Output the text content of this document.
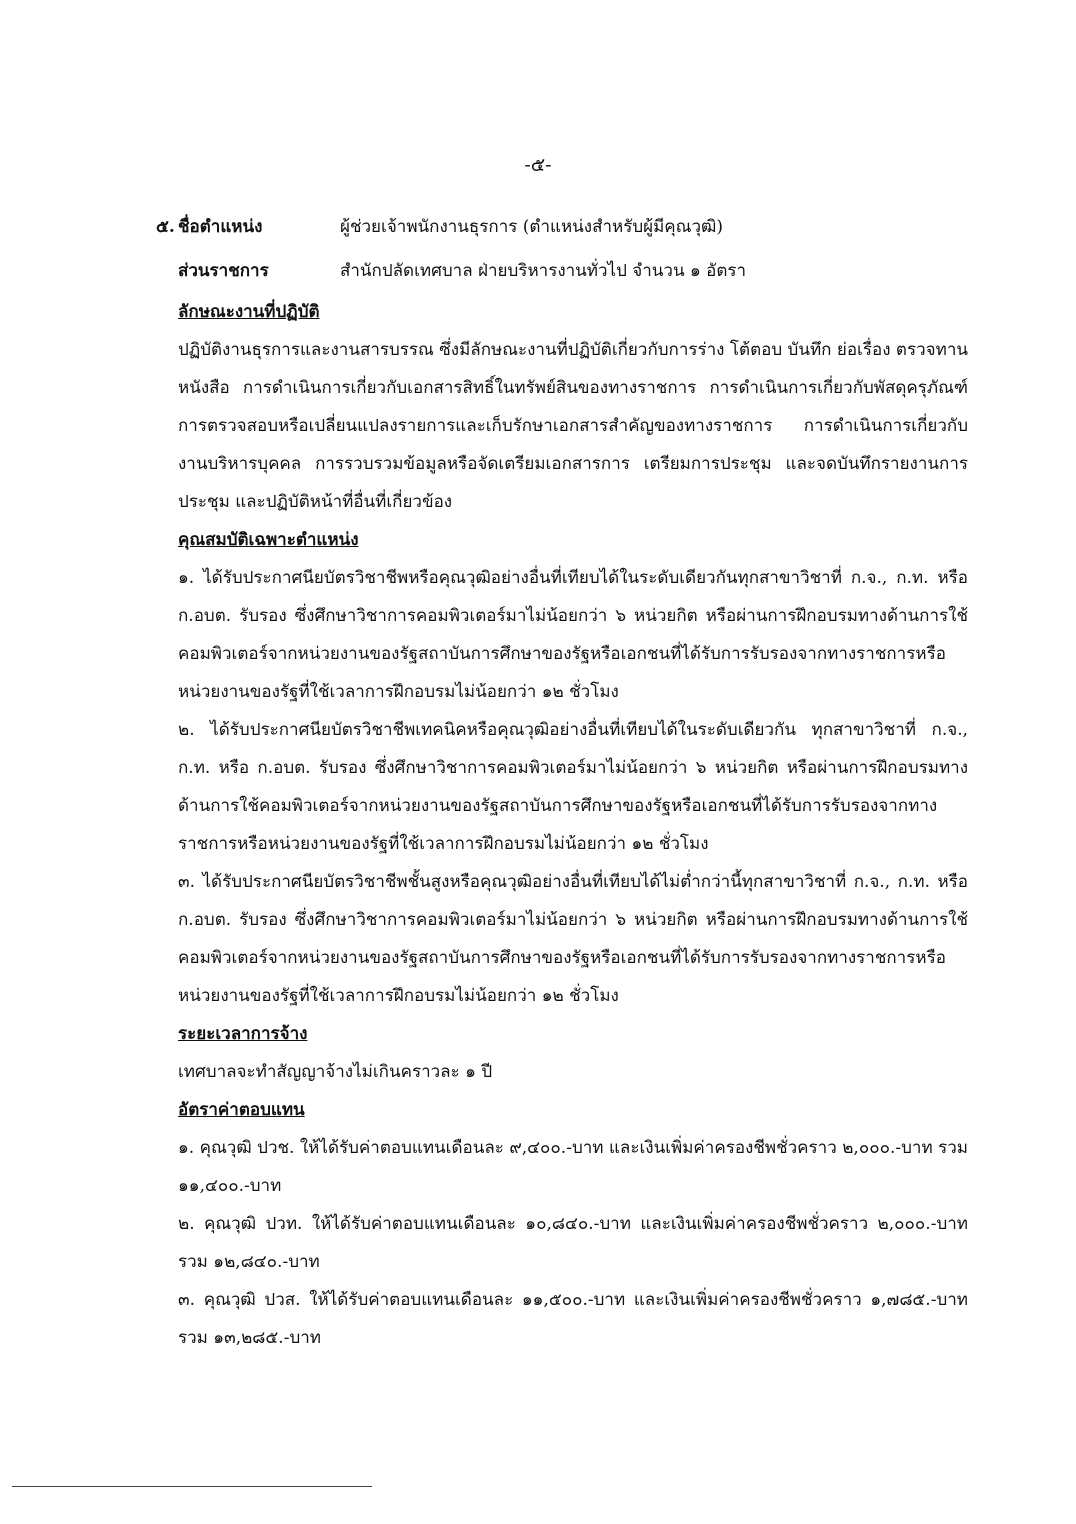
-๕-
๕. ชื่อตำแหน่ง	ผู้ช่วยเจ้าพนักงานธุรการ (ตำแหน่งสำหรับผู้มีคุณวุฒิ)
ส่วนราชการ	สำนักปลัดเทศบาล ฝ่ายบริหารงานทั่วไป จำนวน ๑ อัตรา

ลักษณะงานที่ปฏิบัติ

ปฏิบัติงานธุรการและงานสารบรรณ ซึ่งมีลักษณะงานที่ปฏิบัติเกี่ยวกับการร่าง โต้ตอบ บันทึก ย่อเรื่อง ตรวจทานหนังสือ การดำเนินการเกี่ยวกับเอกสารสิทธิ์ในทรัพย์สินของทางราชการ การดำเนินการเกี่ยวกับพัสดุครุภัณฑ์ การตรวจสอบหรือเปลี่ยนแปลงรายการและเก็บรักษาเอกสารสำคัญของทางราชการ การดำเนินการเกี่ยวกับงานบริหารบุคคล การรวบรวมข้อมูลหรือจัดเตรียมเอกสารการ เตรียมการประชุม และจดบันทึกรายงานการประชุม และปฏิบัติหน้าที่อื่นที่เกี่ยวข้อง

คุณสมบัติเฉพาะตำแหน่ง

๑. ได้รับประกาศนียบัตรวิชาชีพหรือคุณวุฒิอย่างอื่นที่เทียบได้ในระดับเดียวกันทุกสาขาวิชาที่ ก.จ., ก.ท. หรือ ก.อบต. รับรอง ซึ่งศึกษาวิชาการคอมพิวเตอร์มาไม่น้อยกว่า ๖ หน่วยกิต หรือผ่านการฝึกอบรมทางด้านการใช้คอมพิวเตอร์จากหน่วยงานของรัฐสถาบันการศึกษาของรัฐหรือเอกชนที่ได้รับการรับรองจากทางราชการหรือหน่วยงานของรัฐที่ใช้เวลาการฝึกอบรมไม่น้อยกว่า ๑๒ ชั่วโมง

๒. ได้รับประกาศนียบัตรวิชาชีพเทคนิคหรือคุณวุฒิอย่างอื่นที่เทียบได้ในระดับเดียวกัน ทุกสาขาวิชาที่ ก.จ., ก.ท. หรือ ก.อบต. รับรอง ซึ่งศึกษาวิชาการคอมพิวเตอร์มาไม่น้อยกว่า ๖ หน่วยกิต หรือผ่านการฝึกอบรมทางด้านการใช้คอมพิวเตอร์จากหน่วยงานของรัฐสถาบันการศึกษาของรัฐหรือเอกชนที่ได้รับการรับรองจากทางราชการหรือหน่วยงานของรัฐที่ใช้เวลาการฝึกอบรมไม่น้อยกว่า ๑๒ ชั่วโมง

๓. ได้รับประกาศนียบัตรวิชาชีพชั้นสูงหรือคุณวุฒิอย่างอื่นที่เทียบได้ไม่ต่ำกว่านี้ทุกสาขาวิชาที่ ก.จ., ก.ท. หรือ ก.อบต. รับรอง ซึ่งศึกษาวิชาการคอมพิวเตอร์มาไม่น้อยกว่า ๖ หน่วยกิต หรือผ่านการฝึกอบรมทางด้านการใช้คอมพิวเตอร์จากหน่วยงานของรัฐสถาบันการศึกษาของรัฐหรือเอกชนที่ได้รับการรับรองจากทางราชการหรือหน่วยงานของรัฐที่ใช้เวลาการฝึกอบรมไม่น้อยกว่า ๑๒ ชั่วโมง

ระยะเวลาการจ้าง

เทศบาลจะทำสัญญาจ้างไม่เกินคราวละ ๑ ปี

อัตราค่าตอบแทน

๑. คุณวุฒิ ปวช. ให้ได้รับค่าตอบแทนเดือนละ ๙,๔๐๐.-บาท และเงินเพิ่มค่าครองชีพชั่วคราว ๒,๐๐๐.-บาท รวม ๑๑,๔๐๐.-บาท

๒. คุณวุฒิ ปวท. ให้ได้รับค่าตอบแทนเดือนละ ๑๐,๘๔๐.-บาท และเงินเพิ่มค่าครองชีพชั่วคราว ๒,๐๐๐.-บาท รวม ๑๒,๘๔๐.-บาท

๓. คุณวุฒิ ปวส. ให้ได้รับค่าตอบแทนเดือนละ ๑๑,๕๐๐.-บาท และเงินเพิ่มค่าครองชีพชั่วคราว ๑,๗๘๕.-บาท รวม ๑๓,๒๘๕.-บาท
